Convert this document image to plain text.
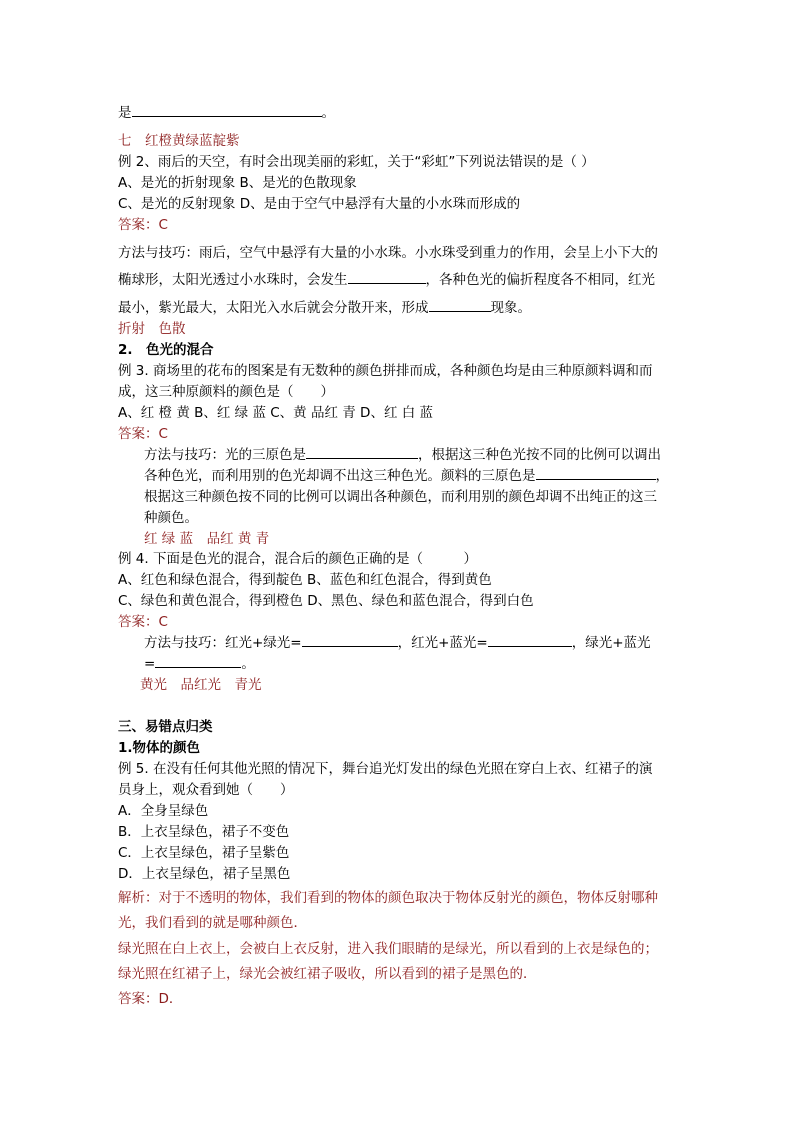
是	。
七　红橙黄绿蓝靛紫
例 2、雨后的天空，有时会出现美丽的彩虹，关于“彩虹”下列说法错误的是（ ）
A、是光的折射现象 B、是光的色散现象
C、是光的反射现象 D、是由于空气中悬浮有大量的小水珠而形成的
答案：C
方法与技巧：雨后，空气中悬浮有大量的小水珠。小水珠受到重力的作用，会呈上小下大的
椭球形，太阳光透过小水珠时，会发生	，各种色光的偏折程度各不相同，红光
最小，紫光最大，太阳光入水后就会分散开来，形成	现象。
折射　色散
2.　色光的混合
例 3. 商场里的花布的图案是有无数种的颜色拼排而成，各种颜色均是由三种原颜料调和而
成，这三种原颜料的颜色是（　　）
A、红 橙 黄 B、红 绿 蓝 C、黄 品红 青 D、红 白 蓝
答案：C
方法与技巧：光的三原色是	，根据这三种色光按不同的比例可以调出
各种色光，而利用别的色光却调不出这三种色光。颜料的三原色是	，
根据这三种颜色按不同的比例可以调出各种颜色，而利用别的颜色却调不出纯正的这三
种颜色。
红 绿 蓝　品红 黄 青
例 4. 下面是色光的混合，混合后的颜色正确的是（　　　）
A、红色和绿色混合，得到靛色 B、蓝色和红色混合，得到黄色
C、绿色和黄色混合，得到橙色 D、黑色、绿色和蓝色混合，得到白色
答案：C
方法与技巧：红光+绿光=	，红光+蓝光=	，绿光+蓝光
=	。
黄光　品红光　青光
三、易错点归类
1.物体的颜色
例 5. 在没有任何其他光照的情况下，舞台追光灯发出的绿色光照在穿白上衣、红裙子的演
员身上，观众看到她（　　）
A．全身呈绿色
B．上衣呈绿色，裙子不变色
C．上衣呈绿色，裙子呈紫色
D．上衣呈绿色，裙子呈黑色
解析：对于不透明的物体，我们看到的物体的颜色取决于物体反射光的颜色，物体反射哪种
光，我们看到的就是哪种颜色．
绿光照在白上衣上，会被白上衣反射，进入我们眼睛的是绿光，所以看到的上衣是绿色的；
绿光照在红裙子上，绿光会被红裙子吸收，所以看到的裙子是黑色的．
答案：D．
